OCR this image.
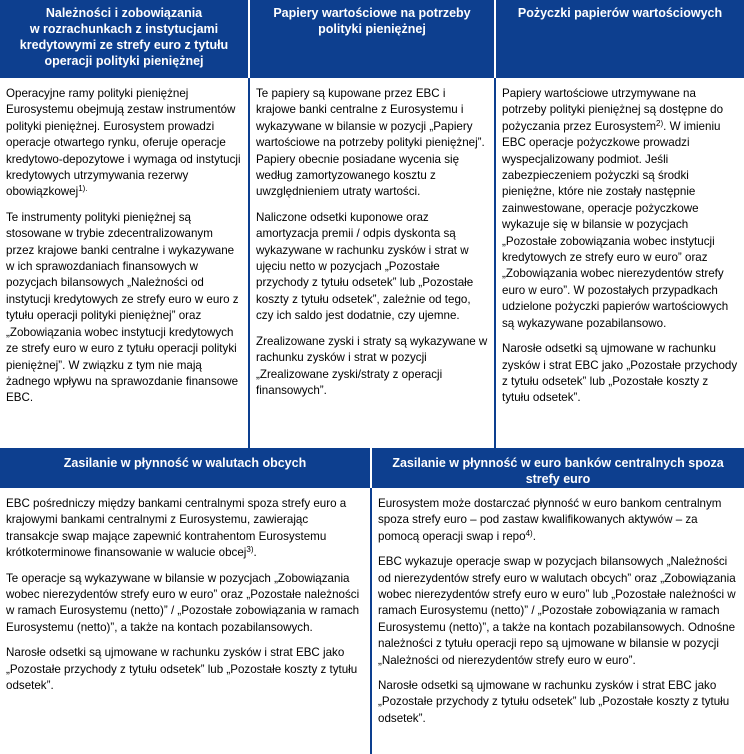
Należności i zobowiązania
w rozrachunkach z instytucjami
kredytowymi ze strefy euro z tytułu
operacji polityki pieniężnej
Papiery wartościowe na potrzeby
polityki pieniężnej
Pożyczki papierów wartościowych

Operacyjne ramy polityki pieniężnej Eurosystemu obejmują zestaw instrumentów polityki pieniężnej. Eurosystem prowadzi operacje otwartego rynku, oferuje operacje kredytowo-depozytowe i wymaga od instytucji kredytowych utrzymywania rezerwy obowiązkowej$^{1).}$

Te instrumenty polityki pieniężnej są stosowane w trybie zdecentralizowanym przez krajowe banki centralne i wykazywane w ich sprawozdaniach finansowych w pozycjach bilansowych „Należności od instytucji kredytowych ze strefy euro w euro z tytułu operacji polityki pieniężnej” oraz „Zobowiązania wobec instytucji kredytowych ze strefy euro w euro z tytułu operacji polityki pieniężnej”. W związku z tym nie mają żadnego wpływu na sprawozdanie finansowe EBC.

Te papiery są kupowane przez EBC i krajowe banki centralne z Eurosystemu i wykazywane w bilansie w pozycji „Papiery wartościowe na potrzeby polityki pieniężnej”. Papiery obecnie posiadane wycenia się według zamortyzowanego kosztu z uwzględnieniem utraty wartości.

Naliczone odsetki kuponowe oraz amortyzacja premii / odpis dyskonta są wykazywane w rachunku zysków i strat w ujęciu netto w pozycjach „Pozostałe przychody z tytułu odsetek” lub „Pozostałe koszty z tytułu odsetek”, zależnie od tego, czy ich saldo jest dodatnie, czy ujemne.

Zrealizowane zyski i straty są wykazywane w rachunku zysków i strat w pozycji „Zrealizowane zyski/straty z operacji finansowych”.

Papiery wartościowe utrzymywane na potrzeby polityki pieniężnej są dostępne do pożyczania przez Eurosystem$^{2)}$. W imieniu EBC operacje pożyczkowe prowadzi wyspecjalizowany podmiot. Jeśli zabezpieczeniem pożyczki są środki pieniężne, które nie zostały następnie zainwestowane, operacje pożyczkowe wykazuje się w bilansie w pozycjach „Pozostałe zobowiązania wobec instytucji kredytowych ze strefy euro w euro” oraz „Zobowiązania wobec nierezydentów strefy euro w euro”. W pozostałych przypadkach udzielone pożyczki papierów wartościowych są wykazywane pozabilansowo.

Narosłe odsetki są ujmowane w rachunku zysków i strat EBC jako „Pozostałe przychody z tytułu odsetek” lub „Pozostałe koszty z tytułu odsetek”.

Zasilanie w płynność w walutach obcych	Zasilanie w płynność w euro banków centralnych spoza
strefy euro

EBC pośredniczy między bankami centralnymi spoza strefy euro a krajowymi bankami centralnymi z Eurosystemu, zawierając transakcje swap mające zapewnić kontrahentom Eurosystemu krótkoterminowe finansowanie w walucie obcej$^{3)}$.

Te operacje są wykazywane w bilansie w pozycjach „Zobowiązania wobec nierezydentów strefy euro w euro” oraz „Pozostałe należności w ramach Eurosystemu (netto)” / „Pozostałe zobowiązania w ramach Eurosystemu (netto)”, a także na kontach pozabilansowych.

Narosłe odsetki są ujmowane w rachunku zysków i strat EBC jako „Pozostałe przychody z tytułu odsetek” lub „Pozostałe koszty z tytułu odsetek”.

Eurosystem może dostarczać płynność w euro bankom centralnym spoza strefy euro – pod zastaw kwalifikowanych aktywów – za pomocą operacji swap i repo$^{4)}$.

EBC wykazuje operacje swap w pozycjach bilansowych „Należności od nierezydentów strefy euro w walutach obcych” oraz „Zobowiązania wobec nierezydentów strefy euro w euro” lub „Pozostałe należności w ramach Eurosystemu (netto)” / „Pozostałe zobowiązania w ramach Eurosystemu (netto)”, a także na kontach pozabilansowych. Odnośne należności z tytułu operacji repo są ujmowane w bilansie w pozycji „Należności od nierezydentów strefy euro w euro”.

Narosłe odsetki są ujmowane w rachunku zysków i strat EBC jako „Pozostałe przychody z tytułu odsetek” lub „Pozostałe koszty z tytułu odsetek”.
